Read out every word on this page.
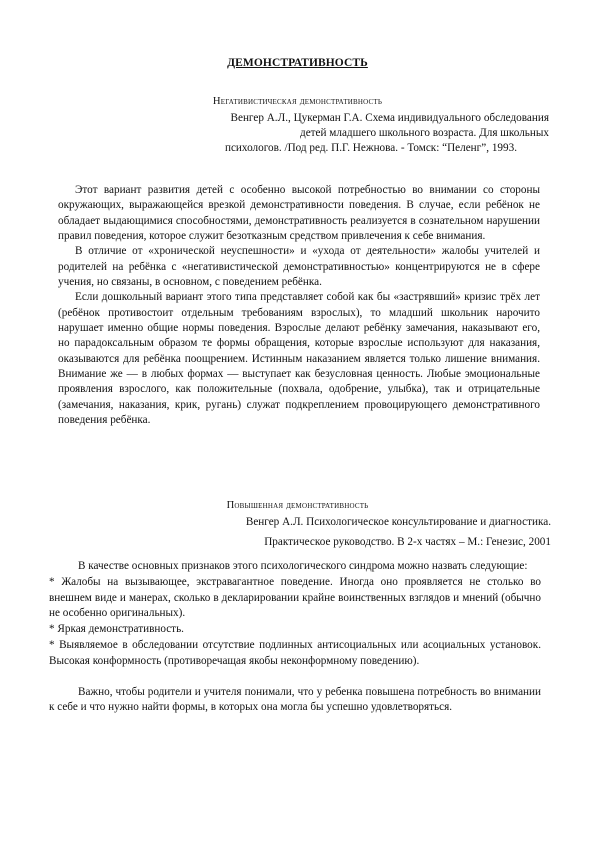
ДЕМОНСТРАТИВНОСТЬ
Негативистическая демонстративность
Венгер А.Л., Цукерман Г.А. Схема индивидуального обследования
детей младшего школьного возраста. Для школьных
психологов. /Под ред. П.Г. Нежнова. - Томск: “Пеленг”, 1993.

Этот вариант развития детей с особенно высокой потребностью во внимании со стороны окружающих, выражающейся врезкой демонстративности поведения. В случае, если ребёнок не обладает выдающимися способностями, демонстративность реализуется в сознательном нарушении правил поведения, которое служит безотказным средством привлечения к себе внимания.

В отличие от «хронической неуспешности» и «ухода от деятельности» жалобы учителей и родителей на ребёнка с «негативистической демонстративностью» концентрируются не в сфере учения, но связаны, в основном, с поведением ребёнка.

Если дошкольный вариант этого типа представляет собой как бы «застрявший» кризис трёх лет (ребёнок противостоит отдельным требованиям взрослых), то младший школьник нарочито нарушает именно общие нормы поведения. Взрослые делают ребёнку замечания, наказывают его, но парадоксальным образом те формы обращения, которые взрослые используют для наказания, оказываются для ребёнка поощрением. Истинным наказанием является только лишение внимания. Внимание же — в любых формах — выступает как безусловная ценность. Любые эмоциональные проявления взрослого, как положительные (похвала, одобрение, улыбка), так и отрицательные (замечания, наказания, крик, ругань) служат подкреплением провоцирующего демонстративного поведения ребёнка.

Повышенная демонстративность
Венгер А.Л. Психологическое консультирование и диагностика.
Практическое руководство. В 2-х частях – М.: Генезис, 2001

В качестве основных признаков этого психологического синдрома можно назвать следующие:

* Жалобы на вызывающее, экстравагантное поведение. Иногда оно проявляется не столько во внешнем виде и манерах, сколько в декларировании крайне воинственных взглядов и мнений (обычно не особенно оригинальных).

* Яркая демонстративность.

* Выявляемое в обследовании отсутствие подлинных антисоциальных или асоциальных установок. Высокая конформность (противоречащая якобы неконформному поведению).

Важно, чтобы родители и учителя понимали, что у ребенка повышена потребность во внимании к себе и что нужно найти формы, в которых она могла бы успешно удовлетворяться.
